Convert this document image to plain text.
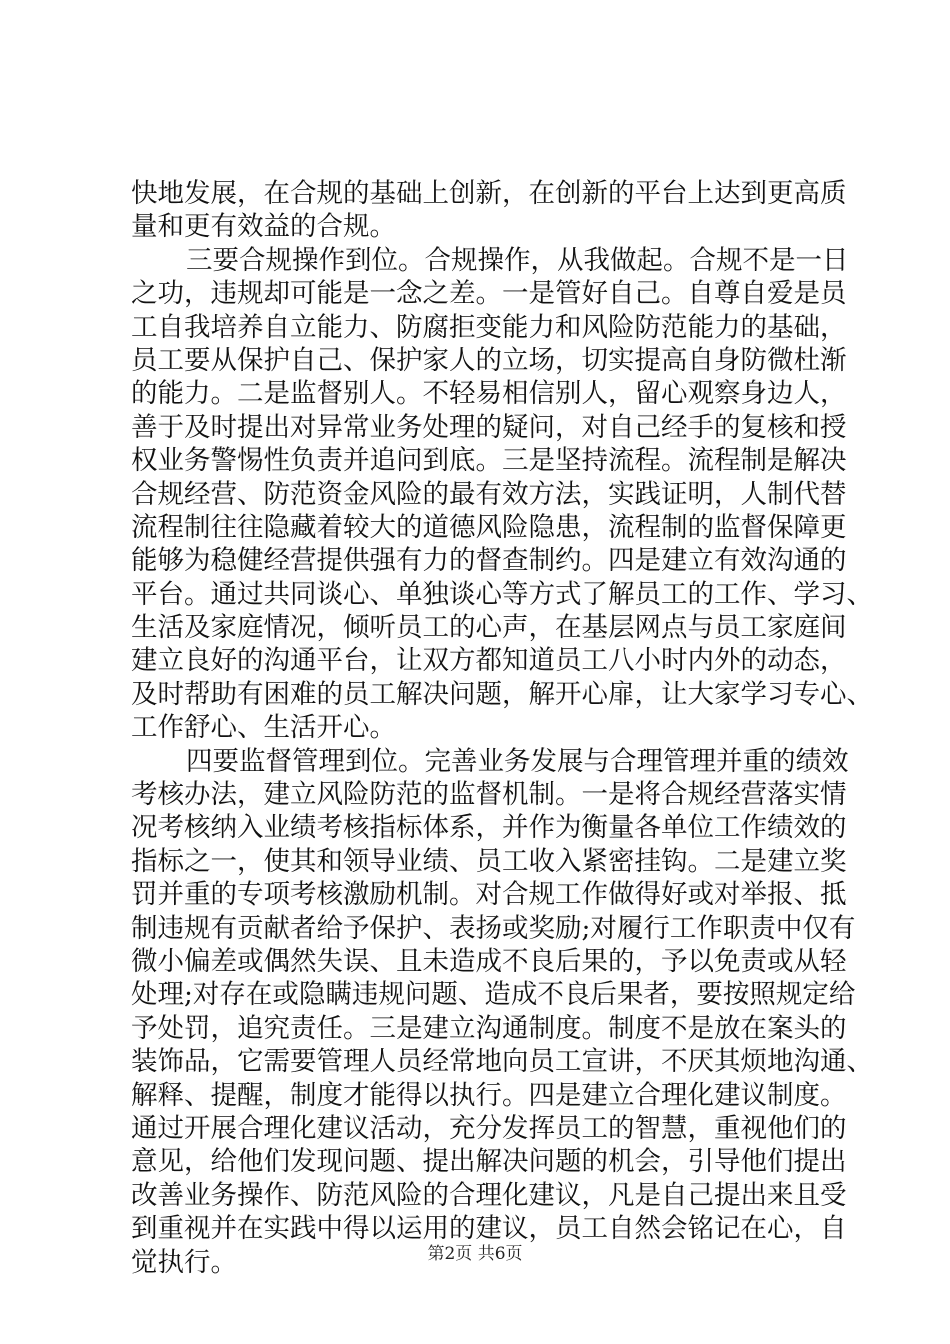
快地发展，在合规的基础上创新，在创新的平台上达到更高质
量和更有效益的合规。
三要合规操作到位。合规操作，从我做起。合规不是一日
之功，违规却可能是一念之差。一是管好自己。自尊自爱是员
工自我培养自立能力、防腐拒变能力和风险防范能力的基础，
员工要从保护自己、保护家人的立场，切实提高自身防微杜渐
的能力。二是监督别人。不轻易相信别人，留心观察身边人，
善于及时提出对异常业务处理的疑问，对自己经手的复核和授
权业务警惕性负责并追问到底。三是坚持流程。流程制是解决
合规经营、防范资金风险的最有效方法，实践证明，人制代替
流程制往往隐藏着较大的道德风险隐患，流程制的监督保障更
能够为稳健经营提供强有力的督查制约。四是建立有效沟通的
平台。通过共同谈心、单独谈心等方式了解员工的工作、学习、
生活及家庭情况，倾听员工的心声，在基层网点与员工家庭间
建立良好的沟通平台，让双方都知道员工八小时内外的动态，
及时帮助有困难的员工解决问题，解开心扉，让大家学习专心、
工作舒心、生活开心。
四要监督管理到位。完善业务发展与合理管理并重的绩效
考核办法，建立风险防范的监督机制。一是将合规经营落实情
况考核纳入业绩考核指标体系，并作为衡量各单位工作绩效的
指标之一，使其和领导业绩、员工收入紧密挂钩。二是建立奖
罚并重的专项考核激励机制。对合规工作做得好或对举报、抵
制违规有贡献者给予保护、表扬或奖励;对履行工作职责中仅有
微小偏差或偶然失误、且未造成不良后果的，予以免责或从轻
处理;对存在或隐瞒违规问题、造成不良后果者，要按照规定给
予处罚，追究责任。三是建立沟通制度。制度不是放在案头的
装饰品，它需要管理人员经常地向员工宣讲，不厌其烦地沟通、
解释、提醒，制度才能得以执行。四是建立合理化建议制度。
通过开展合理化建议活动，充分发挥员工的智慧，重视他们的
意见，给他们发现问题、提出解决问题的机会，引导他们提出
改善业务操作、防范风险的合理化建议，凡是自己提出来且受
到重视并在实践中得以运用的建议，员工自然会铭记在心，自
觉执行。	第2页 共6页
